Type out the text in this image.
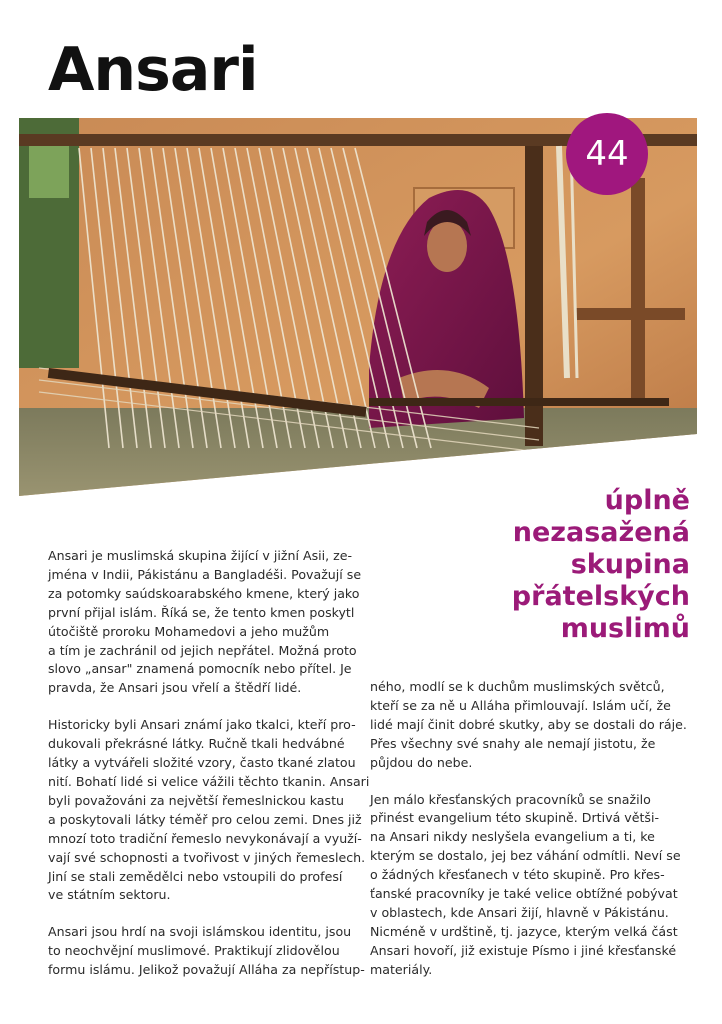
Ansari
44
úplně
nezasažená
skupina
přátelských
muslimů

Ansari je muslimská skupina žijící v jižní Asii, ze-
jména v Indii, Pákistánu a Bangladéši. Považují se
za potomky saúdskoarabského kmene, který jako
první přijal islám. Říká se, že tento kmen poskytl
útočiště proroku Mohamedovi a jeho mužům
a tím je zachránil od jejich nepřátel. Možná proto
slovo „ansar" znamená pomocník nebo přítel. Je
pravda, že Ansari jsou vřelí a štědří lidé.

Historicky byli Ansari známí jako tkalci, kteří pro-
dukovali překrásné látky. Ručně tkali hedvábné
látky a vytvářeli složité vzory, často tkané zlatou
nití. Bohatí lidé si velice vážili těchto tkanin. Ansari
byli považováni za největší řemeslnickou kastu
a poskytovali látky téměř pro celou zemi. Dnes již
mnozí toto tradiční řemeslo nevykonávají a využí-
vají své schopnosti a tvořivost v jiných řemeslech.
Jiní se stali zemědělci nebo vstoupili do profesí
ve státním sektoru.

Ansari jsou hrdí na svoji islámskou identitu, jsou
to neochvějní muslimové. Praktikují zlidovělou
formu islámu. Jelikož považují Alláha za nepřístup-

ného, modlí se k duchům muslimských světců,
kteří se za ně u Alláha přimlouvají. Islám učí, že
lidé mají činit dobré skutky, aby se dostali do ráje.
Přes všechny své snahy ale nemají jistotu, že
půjdou do nebe.

Jen málo křesťanských pracovníků se snažilo
přinést evangelium této skupině. Drtivá větši-
na Ansari nikdy neslyšela evangelium a ti, ke
kterým se dostalo, jej bez váhání odmítli. Neví se
o žádných křesťanech v této skupině. Pro křes-
ťanské pracovníky je také velice obtížné pobývat
v oblastech, kde Ansari žijí, hlavně v Pákistánu.
Nicméně v urdštině, tj. jazyce, kterým velká část
Ansari hovoří, již existuje Písmo i jiné křesťanské
materiály.
